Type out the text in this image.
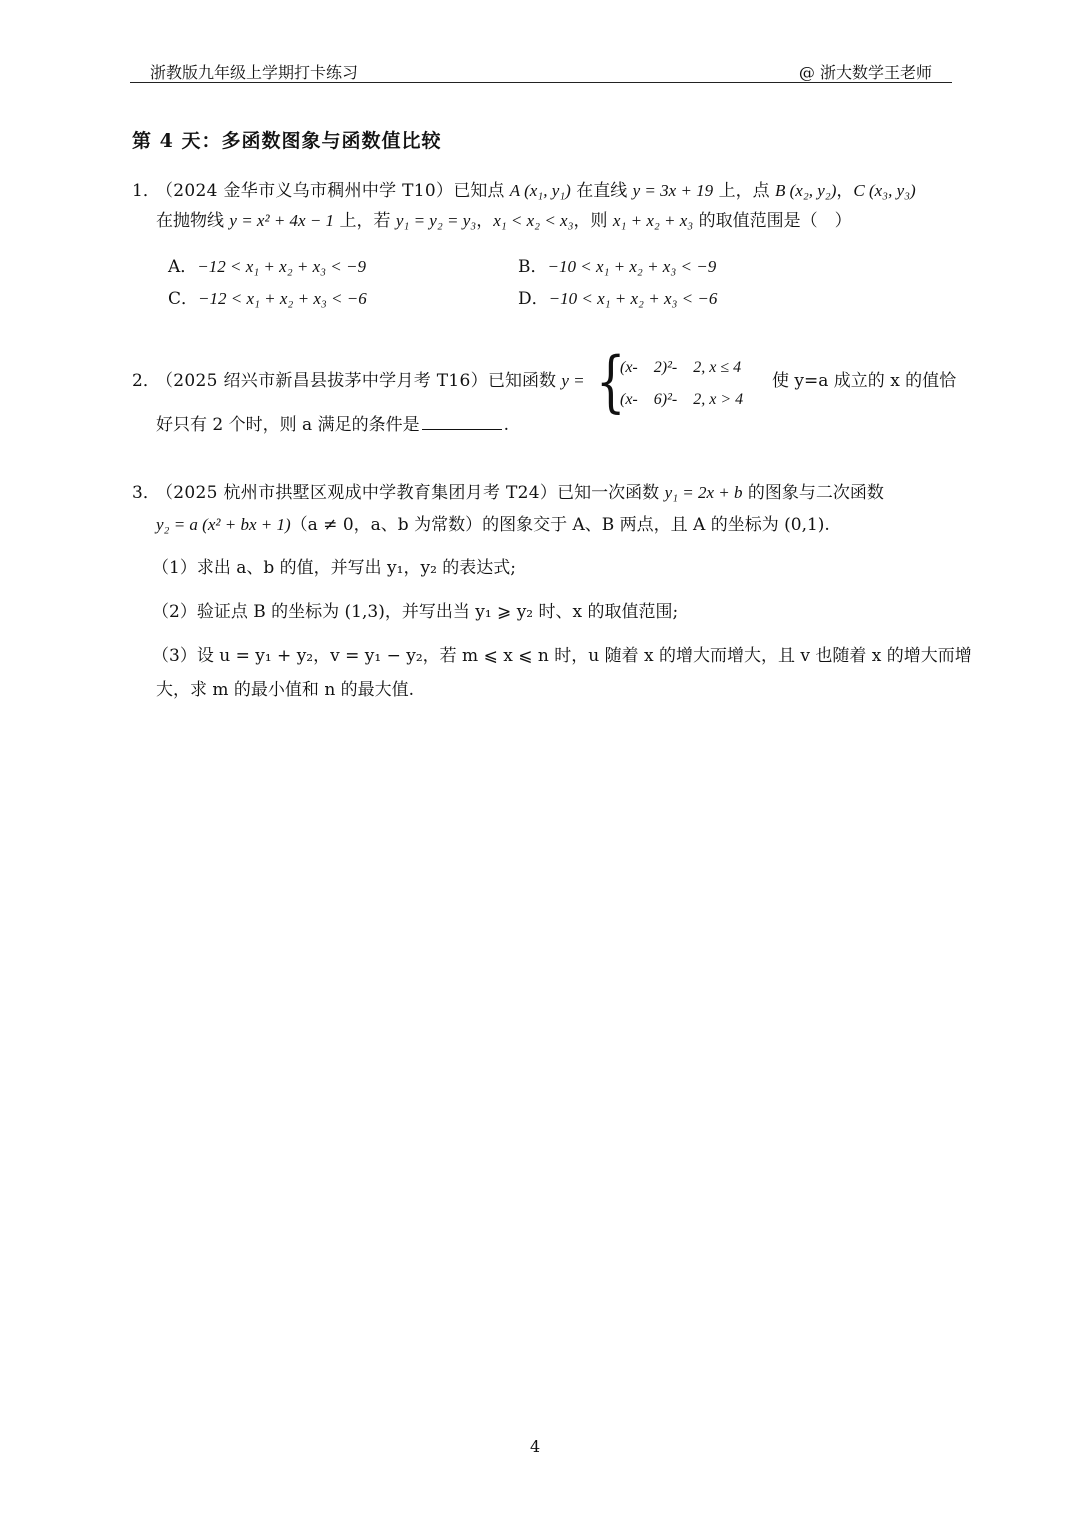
浙教版九年级上学期打卡练习	@ 浙大数学王老师
第 4 天：多函数图象与函数值比较
1．（2024 金华市义乌市稠州中学 T10）已知点 A (x₁, y₁) 在直线 y = 3x + 19 上，点 B (x₂, y₂)，C (x₃, y₃)
在抛物线 y = x² + 4x − 1 上，若 y₁ = y₂ = y₃，x₁ < x₂ < x₃，则 x₁ + x₂ + x₃ 的取值范围是（　）
A．−12 < x₁ + x₂ + x₃ < −9	B．−10 < x₁ + x₂ + x₃ < −9
C．−12 < x₁ + x₂ + x₃ < −6	D．−10 < x₁ + x₂ + x₃ < −6
2．（2025 绍兴市新昌县拔茅中学月考 T16）已知函数 y = {
(x-　2)²-　2, x ≤ 4
(x-　6)²-　2, x > 4
使 y=a 成立的 x 的值恰
好只有 2 个时，则 a 满足的条件是	.
3．（2025 杭州市拱墅区观成中学教育集团月考 T24）已知一次函数 y₁ = 2x + b 的图象与二次函数
y₂ = a (x² + bx + 1)（a ≠ 0，a、b 为常数）的图象交于 A、B 两点，且 A 的坐标为 (0,1).
（1）求出 a、b 的值，并写出 y₁，y₂ 的表达式;
（2）验证点 B 的坐标为 (1,3)，并写出当 y₁ ⩾ y₂ 时、x 的取值范围;
（3）设 u = y₁ + y₂，v = y₁ − y₂，若 m ⩽ x ⩽ n 时，u 随着 x 的增大而增大，且 v 也随着 x 的增大而增
大，求 m 的最小值和 n 的最大值.
4
